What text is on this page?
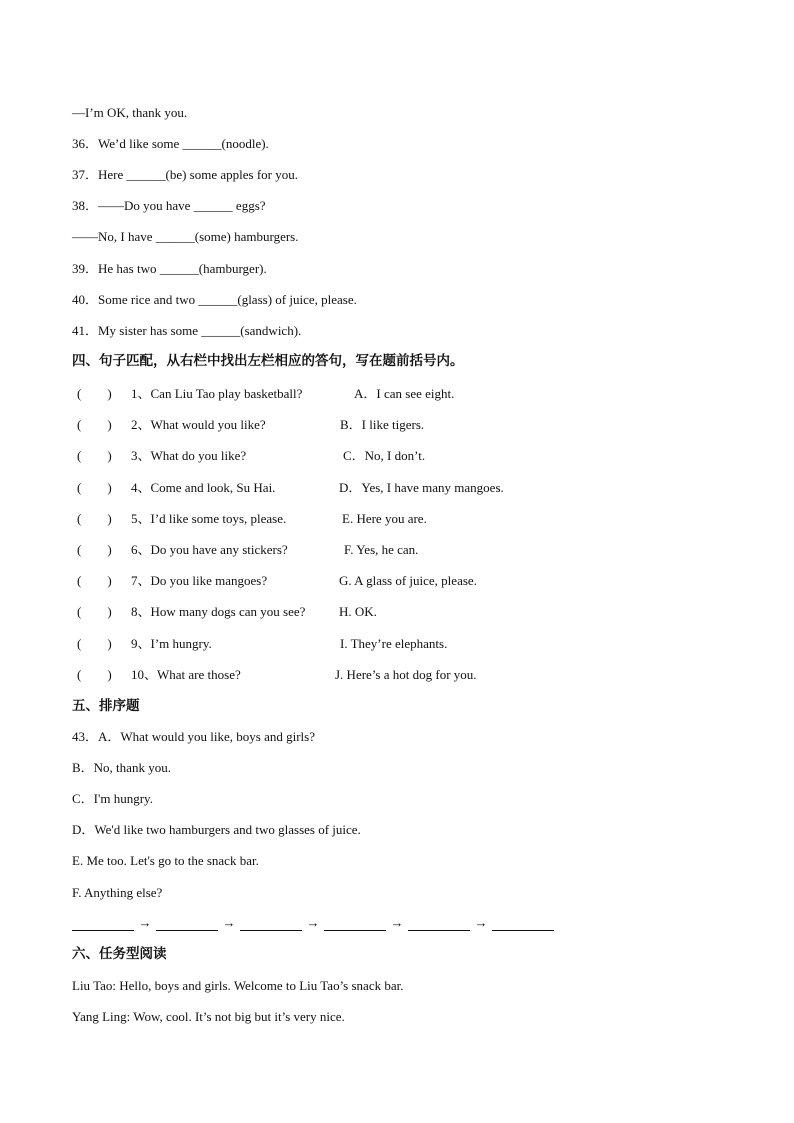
—I’m OK, thank you.
36．We’d like some ______(noodle).
37．Here ______(be) some apples for you.
38．——Do you have ______ eggs?
——No, I have ______(some) hamburgers.
39．He has two ______(hamburger).
40．Some rice and two ______(glass) of juice, please.
41．My sister has some ______(sandwich).
四、句子匹配，从右栏中找出左栏相应的答句，写在题前括号内。
(　　) 1、Can Liu Tao play basketball?	A．I can see eight.
(　　) 2、What would you like?	B．I like tigers.
(　　) 3、What do you like?	C．No, I don’t.
(　　) 4、Come and look, Su Hai.	D．Yes, I have many mangoes.
(　　) 5、I’d like some toys, please.	E. Here you are.
(　　) 6、Do you have any stickers?	F. Yes, he can.
(　　) 7、Do you like mangoes?	G. A glass of juice, please.
(　　) 8、How many dogs can you see?	H. OK.
(　　) 9、I’m hungry.	I. They’re elephants.
(　　) 10、What are those?	J. Here’s a hot dog for you.
五、排序题
43．A．What would you like, boys and girls?
B．No, thank you.
C．I'm hungry.
D．We'd like two hamburgers and two glasses of juice.
E. Me too. Let's go to the snack bar.
F. Anything else?
→	→	→	→	→
六、任务型阅读
Liu Tao: Hello, boys and girls. Welcome to Liu Tao’s snack bar.
Yang Ling: Wow, cool. It’s not big but it’s very nice.
